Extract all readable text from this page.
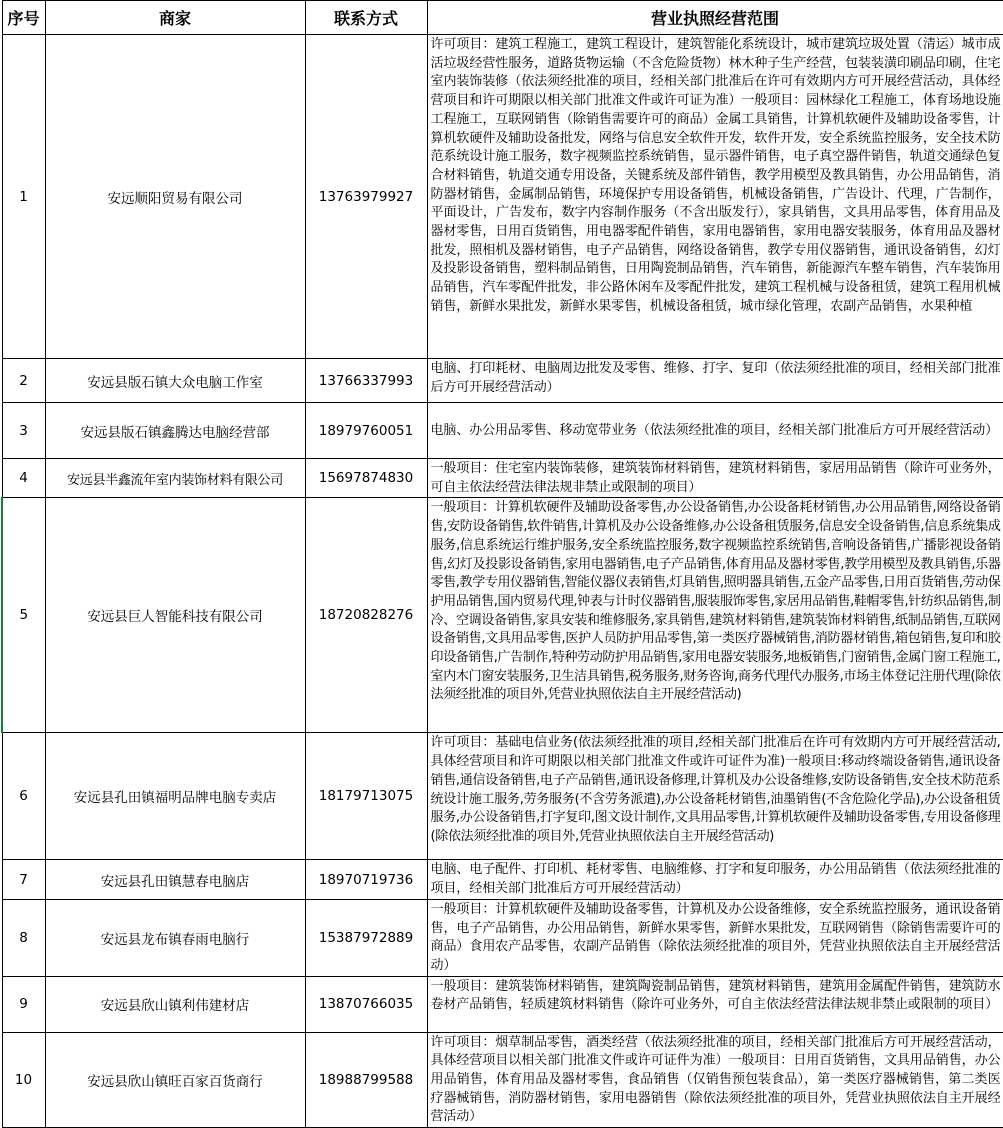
序号	商家	联系方式	营业执照经营范围
1	安远顺阳贸易有限公司	13763979927	许可项目：建筑工程施工，建筑工程设计，建筑智能化系统设计，城市建筑垃圾处置（清运）城市成活垃圾经营性服务，道路货物运输（不含危险货物）林木种子生产经营，包装装潢印刷品印刷，住宅室内装饰装修（依法须经批准的项目，经相关部门批准后在许可有效期内方可开展经营活动，具体经营项目和许可期限以相关部门批准文件或许可证为准）一般项目：园林绿化工程施工，体育场地设施工程施工，互联网销售（除销售需要许可的商品）金属工具销售，计算机软硬件及辅助设备零售，计算机软硬件及辅助设备批发，网络与信息安全软件开发，软件开发，安全系统监控服务，安全技术防范系统设计施工服务，数字视频监控系统销售，显示器件销售，电子真空器件销售，轨道交通绿色复合材料销售，轨道交通专用设备，关键系统及部件销售，教学用模型及教具销售，办公用品销售，消防器材销售，金属制品销售，环境保护专用设备销售，机械设备销售，广告设计、代理，广告制作，平面设计，广告发布，数字内容制作服务（不含出版发行），家具销售，文具用品零售，体育用品及器材零售，日用百货销售，用电器零配件销售，家用电器销售，家用电器安装服务，体育用品及器材批发，照相机及器材销售，电子产品销售，网络设备销售，教学专用仪器销售，通讯设备销售，幻灯及投影设备销售，塑料制品销售，日用陶瓷制品销售，汽车销售，新能源汽车整车销售，汽车装饰用品销售，汽车零配件批发，非公路休闲车及零配件批发，建筑工程机械与设备租赁，建筑工程用机械销售，新鲜水果批发，新鲜水果零售，机械设备租赁，城市绿化管理，农副产品销售，水果种植
2	安远县版石镇大众电脑工作室	13766337993	电脑、打印耗材、电脑周边批发及零售、维修、打字、复印（依法须经批准的项目，经相关部门批准后方可开展经营活动）
3	安远县版石镇鑫腾达电脑经营部	18979760051	电脑、办公用品零售、移动宽带业务（依法须经批准的项目，经相关部门批准后方可开展经营活动）
4	安远县半鑫流年室内装饰材料有限公司	15697874830	一般项目：住宅室内装饰装修，建筑装饰材料销售，建筑材料销售，家居用品销售（除许可业务外，可自主依法经营法律法规非禁止或限制的项目）
5	安远县巨人智能科技有限公司	18720828276	一般项目：计算机软硬件及辅助设备零售,办公设备销售,办公设备耗材销售,办公用品销售,网络设备销售,安防设备销售,软件销售,计算机及办公设备维修,办公设备租赁服务,信息安全设备销售,信息系统集成服务,信息系统运行维护服务,安全系统监控服务,数字视频监控系统销售,音响设备销售,广播影视设备销售,幻灯及投影设备销售,家用电器销售,电子产品销售,体育用品及器材零售,教学用模型及教具销售,乐器零售,教学专用仪器销售,智能仪器仪表销售,灯具销售,照明器具销售,五金产品零售,日用百货销售,劳动保护用品销售,国内贸易代理,钟表与计时仪器销售,服装服饰零售,家居用品销售,鞋帽零售,针纺织品销售,制冷、空调设备销售,家具安装和维修服务,家具销售,建筑材料销售,建筑装饰材料销售,纸制品销售,互联网设备销售,文具用品零售,医护人员防护用品零售,第一类医疗器械销售,消防器材销售,箱包销售,复印和胶印设备销售,广告制作,特种劳动防护用品销售,家用电器安装服务,地板销售,门窗销售,金属门窗工程施工,室内木门窗安装服务,卫生洁具销售,税务服务,财务咨询,商务代理代办服务,市场主体登记注册代理(除依法须经批准的项目外,凭营业执照依法自主开展经营活动)
6	安远县孔田镇福明品牌电脑专卖店	18179713075	许可项目：基础电信业务(依法须经批准的项目,经相关部门批准后在许可有效期内方可开展经营活动,具体经营项目和许可期限以相关部门批准文件或许可证件为准)一般项目:移动终端设备销售,通讯设备销售,通信设备销售,电子产品销售,通讯设备修理,计算机及办公设备维修,安防设备销售,安全技术防范系统设计施工服务,劳务服务(不含劳务派遣),办公设备耗材销售,油墨销售(不含危险化学品),办公设备租赁服务,办公设备销售,打字复印,图文设计制作,文具用品零售,计算机软硬件及辅助设备零售,专用设备修理(除依法须经批准的项目外,凭营业执照依法自主开展经营活动)
7	安远县孔田镇慧春电脑店	18970719736	电脑、电子配件、打印机、耗材零售、电脑维修、打字和复印服务，办公用品销售（依法须经批准的项目，经相关部门批准后方可开展经营活动）
8	安远县龙布镇春雨电脑行	15387972889	一般项目：计算机软硬件及辅助设备零售，计算机及办公设备维修，安全系统监控服务，通讯设备销售，电子产品销售，办公用品销售，新鲜水果零售，新鲜水果批发，互联网销售（除销售需要许可的商品）食用农产品零售，农副产品销售（除依法须经批准的项目外，凭营业执照依法自主开展经营活动）
9	安远县欣山镇利伟建材店	13870766035	一般项目：建筑装饰材料销售，建筑陶瓷制品销售，建筑材料销售，建筑用金属配件销售，建筑防水卷材产品销售，轻质建筑材料销售（除许可业务外，可自主依法经营法律法规非禁止或限制的项目）
10	安远县欣山镇旺百家百货商行	18988799588	许可项目：烟草制品零售，酒类经营（依法须经批准的项目，经相关部门批准后方可开展经营活动，具体经营项目以相关部门批准文件或许可证件为准）一般项目：日用百货销售，文具用品销售，办公用品销售，体育用品及器材零售，食品销售（仅销售预包装食品），第一类医疗器械销售，第二类医疗器械销售，消防器材销售，家用电器销售（除依法须经批准的项目外，凭营业执照依法自主开展经营活动）
